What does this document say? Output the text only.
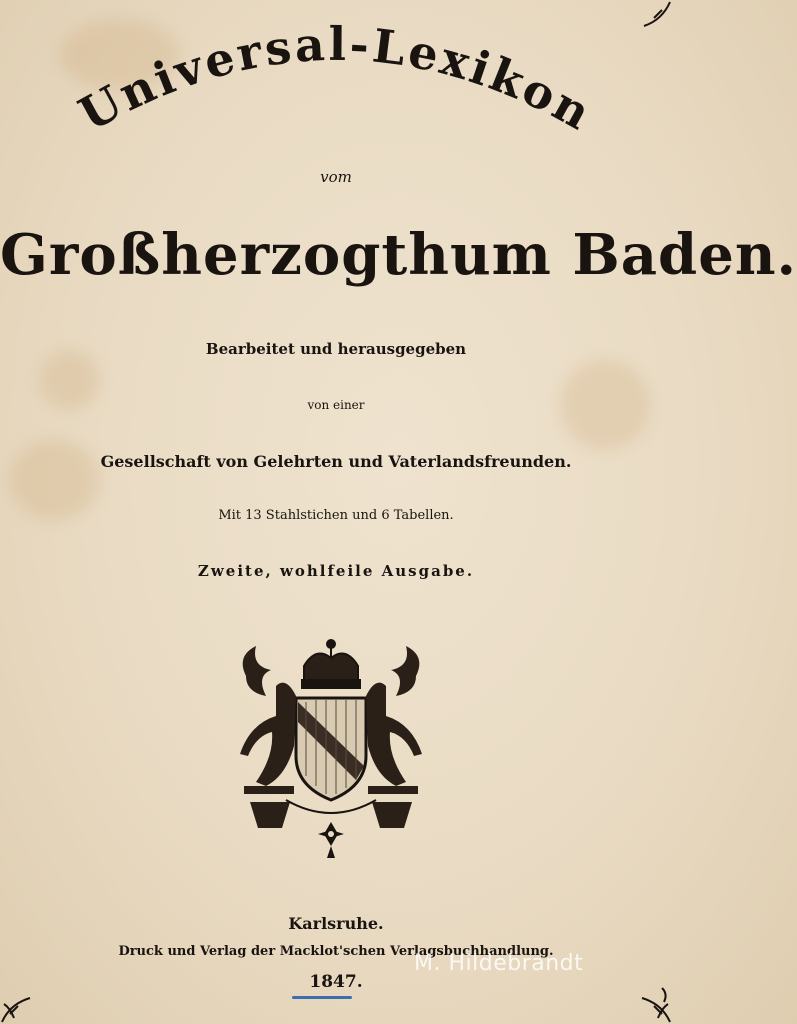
Universal-Lexikon
vom
Großherzogthum Baden.
Bearbeitet und herausgegeben
von einer
Gesellschaft von Gelehrten und Vaterlandsfreunden.
Mit 13 Stahlstichen und 6 Tabellen.
Zweite, wohlfeile Ausgabe.
Karlsruhe.
Druck und Verlag der Macklot'schen Verlagsbuchhandlung.
1847.
M. Hildebrandt
